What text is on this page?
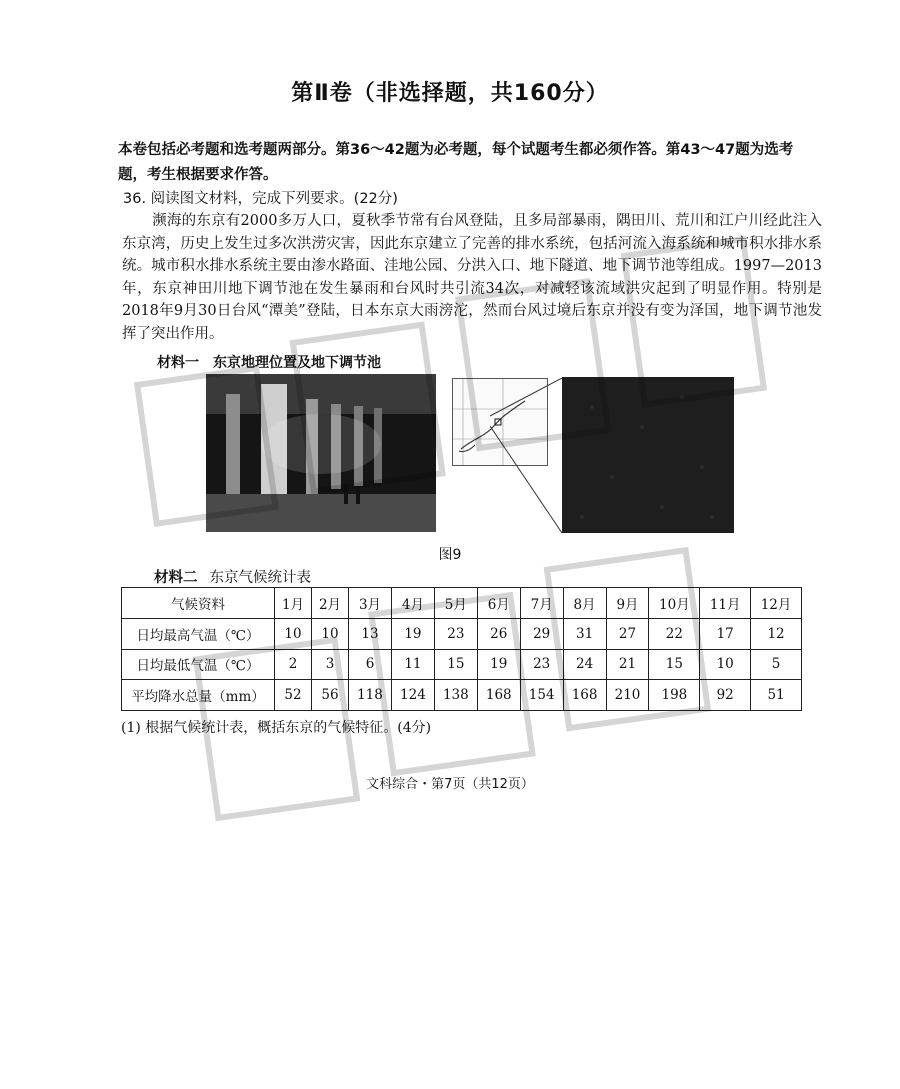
第Ⅱ卷（非选择题，共160分）
本卷包括必考题和选考题两部分。第36～42题为必考题，每个试题考生都必须作答。第43～47题为选考题，考生根据要求作答。
36. 阅读图文材料，完成下列要求。(22分)
濒海的东京有2000多万人口，夏秋季节常有台风登陆，且多局部暴雨，隅田川、荒川和江户川经此注入东京湾，历史上发生过多次洪涝灾害，因此东京建立了完善的排水系统，包括河流入海系统和城市积水排水系统。城市积水排水系统主要由渗水路面、洼地公园、分洪入口、地下隧道、地下调节池等组成。1997—2013年，东京神田川地下调节池在发生暴雨和台风时共引流34次，对减轻该流域洪灾起到了明显作用。特别是2018年9月30日台风“潭美”登陆，日本东京大雨滂沱，然而台风过境后东京并没有变为泽国，地下调节池发挥了突出作用。
材料一　东京地理位置及地下调节池
图9
材料二 东京气候统计表
气候资料	1月	2月	3月	4月	5月	6月	7月	8月	9月	10月	11月	12月
日均最高气温（℃）	10	10	13	19	23	26	29	31	27	22	17	12
日均最低气温（℃）	2	3	6	11	15	19	23	24	21	15	10	5
平均降水总量（mm）	52	56	118	124	138	168	154	168	210	198	92	51
(1) 根据气候统计表，概括东京的气候特征。(4分)
文科综合・第7页（共12页）
